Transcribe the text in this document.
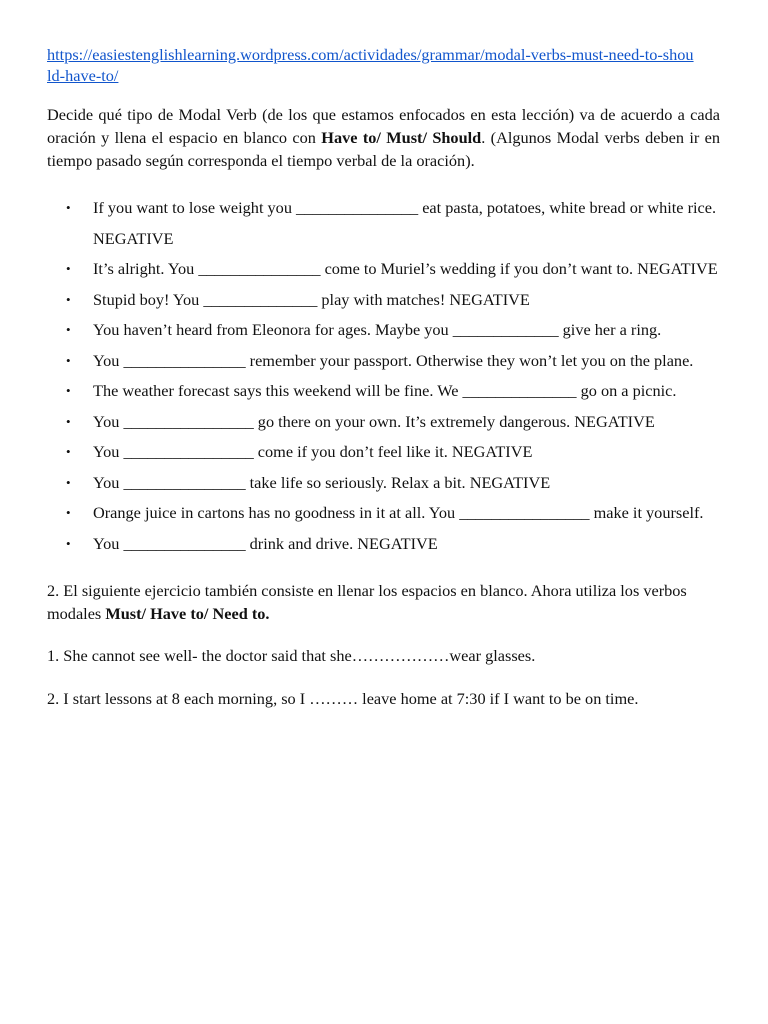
https://easiestenglishlearning.wordpress.com/actividades/grammar/modal-verbs-must-need-to-should-have-to/

Decide qué tipo de Modal Verb (de los que estamos enfocados en esta lección) va de acuerdo a cada oración y llena el espacio en blanco con Have to/ Must/ Should. (Algunos Modal verbs deben ir en tiempo pasado según corresponda el tiempo verbal de la oración).

• If you want to lose weight you _______________ eat pasta, potatoes, white bread or white rice. NEGATIVE
• It’s alright. You _______________ come to Muriel’s wedding if you don’t want to. NEGATIVE
• Stupid boy! You ______________ play with matches! NEGATIVE
• You haven’t heard from Eleonora for ages. Maybe you _____________ give her a ring.
• You _______________ remember your passport. Otherwise they won’t let you on the plane.
• The weather forecast says this weekend will be fine. We ______________ go on a picnic.
• You ________________ go there on your own. It’s extremely dangerous. NEGATIVE
• You ________________ come if you don’t feel like it. NEGATIVE
• You _______________ take life so seriously. Relax a bit. NEGATIVE
• Orange juice in cartons has no goodness in it at all. You ________________ make it yourself.
• You _______________ drink and drive. NEGATIVE

2. El siguiente ejercicio también consiste en llenar los espacios en blanco. Ahora utiliza los verbos modales Must/ Have to/ Need to.

1. She cannot see well- the doctor said that she………………wear glasses.

2. I start lessons at 8 each morning, so I ……… leave home at 7:30 if I want to be on time.
